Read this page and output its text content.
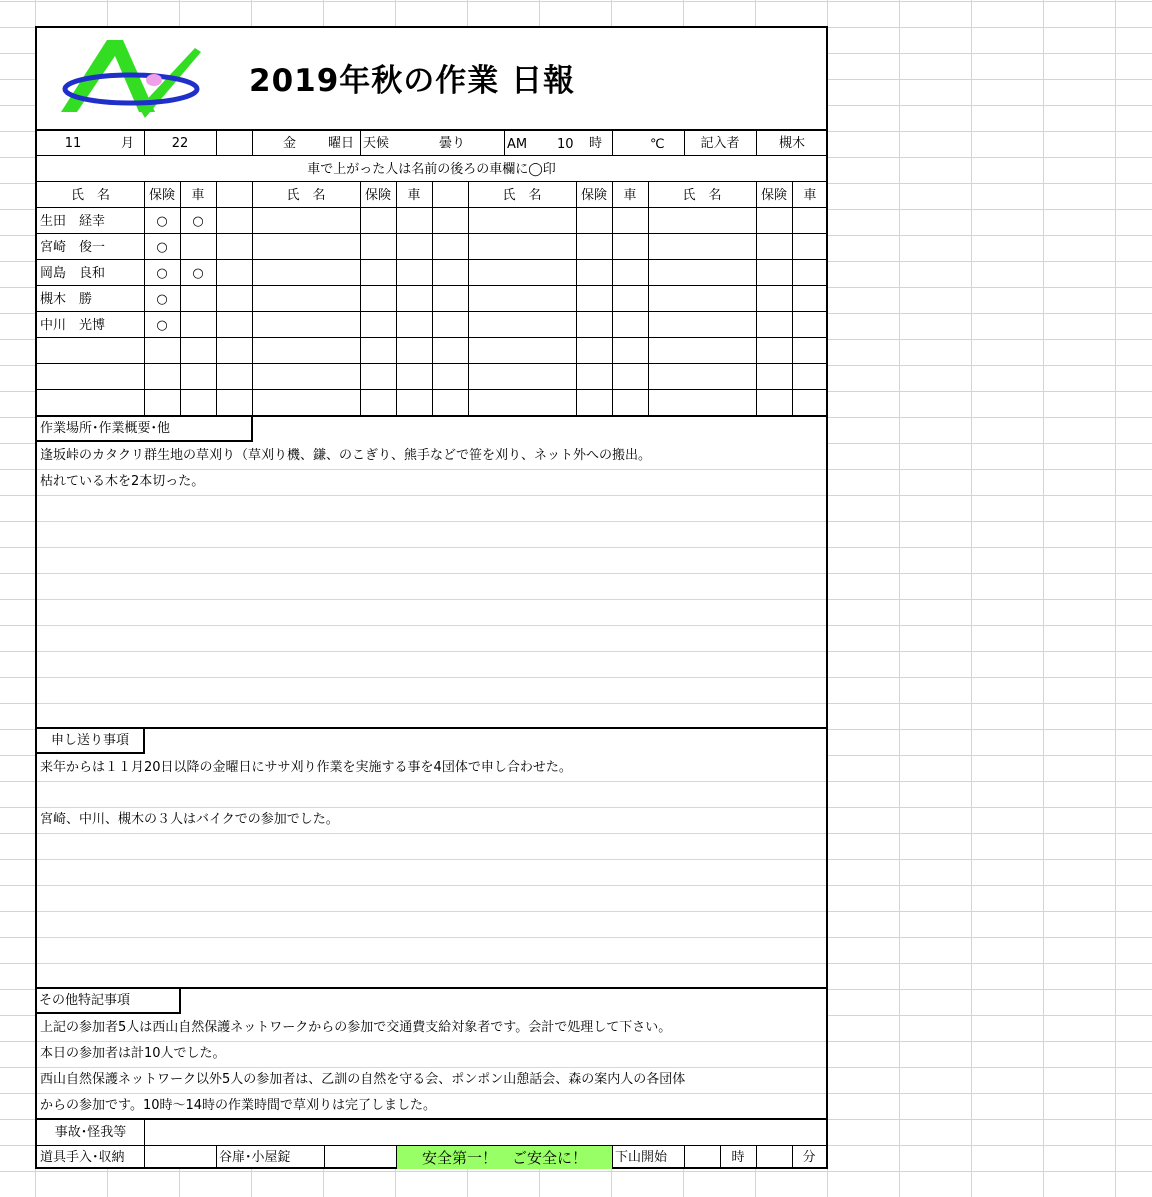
2019年秋の作業 日報
11	月	22	金 曜日 天候	曇り	AM 10 時	℃	記入者	槻木
車で上がった人は名前の後ろの車欄に◯印
氏　名	保険	車	氏　名	保険	車	氏　名	保険	車	氏　名	保険	車
生田　経幸	○	○
宮崎　俊一	○
岡島　良和	○	○
槻木　勝	○
中川　光博	○
作業場所･作業概要･他
逢坂峠のカタクリ群生地の草刈り（草刈り機、鎌、のこぎり、熊手などで笹を刈り、ネット外への搬出。
枯れている木を2本切った。
申し送り事項
来年からは１１月20日以降の金曜日にササ刈り作業を実施する事を4団体で申し合わせた。
宮崎、中川、槻木の３人はバイクでの参加でした。
その他特記事項
上記の参加者5人は西山自然保護ネットワークからの参加で交通費支給対象者です。会計で処理して下さい。
本日の参加者は計10人でした。
西山自然保護ネットワーク以外5人の参加者は、乙訓の自然を守る会、ポンポン山憩話会、森の案内人の各団体
からの参加です。10時～14時の作業時間で草刈りは完了しました。
事故･怪我等
道具手入･収納	谷扉･小屋錠	安全第一！　ご安全に！	下山開始	時	分
